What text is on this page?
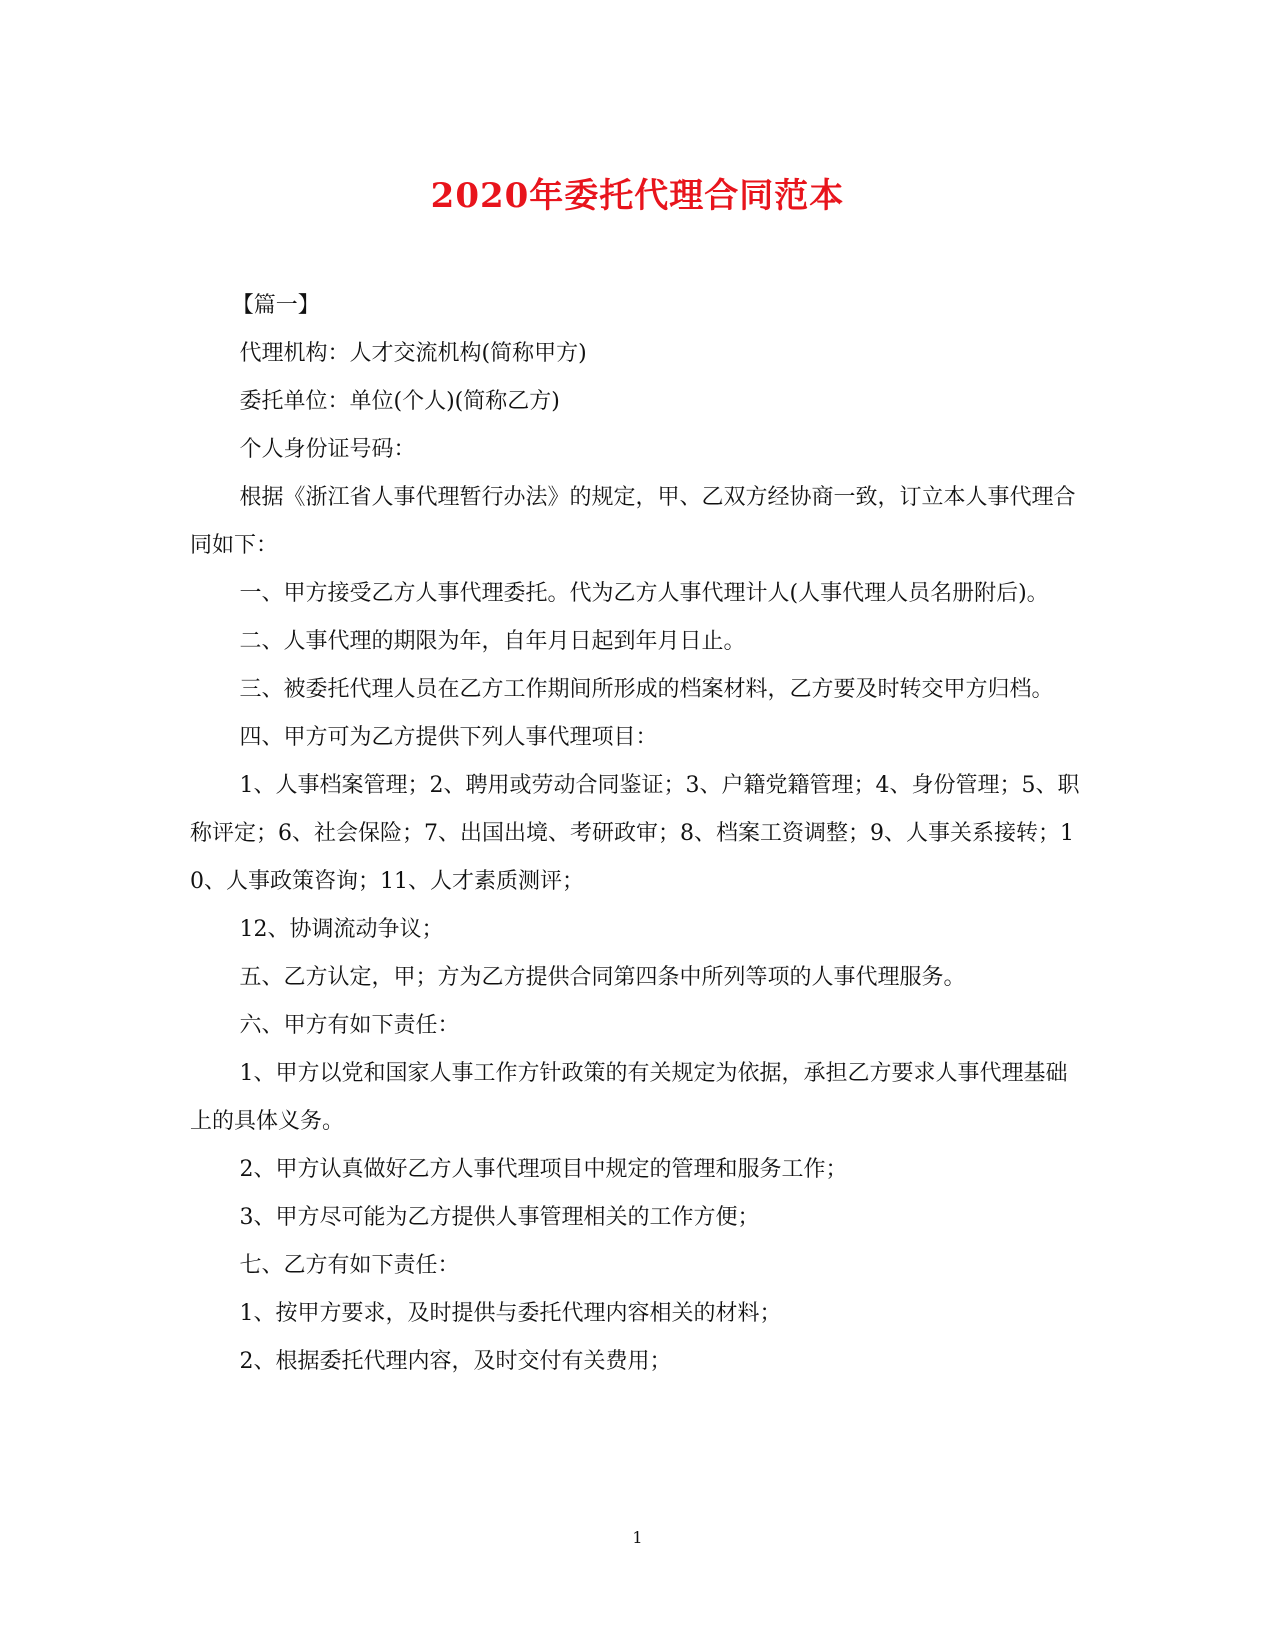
2020年委托代理合同范本

【篇一】

代理机构：人才交流机构(简称甲方)

委托单位：单位(个人)(简称乙方)

个人身份证号码：

根据《浙江省人事代理暂行办法》的规定，甲、乙双方经协商一致，订立本人事代理合同如下：

一、甲方接受乙方人事代理委托。代为乙方人事代理计人(人事代理人员名册附后)。

二、人事代理的期限为年，自年月日起到年月日止。

三、被委托代理人员在乙方工作期间所形成的档案材料，乙方要及时转交甲方归档。

四、甲方可为乙方提供下列人事代理项目：

1、人事档案管理；2、聘用或劳动合同鉴证；3、户籍党籍管理；4、身份管理；5、职称评定；6、社会保险；7、出国出境、考研政审；8、档案工资调整；9、人事关系接转；10、人事政策咨询；11、人才素质测评；

12、协调流动争议；

五、乙方认定，甲；方为乙方提供合同第四条中所列等项的人事代理服务。

六、甲方有如下责任：

1、甲方以党和国家人事工作方针政策的有关规定为依据，承担乙方要求人事代理基础上的具体义务。

2、甲方认真做好乙方人事代理项目中规定的管理和服务工作；

3、甲方尽可能为乙方提供人事管理相关的工作方便；

七、乙方有如下责任：

1、按甲方要求，及时提供与委托代理内容相关的材料；

2、根据委托代理内容，及时交付有关费用；

1
